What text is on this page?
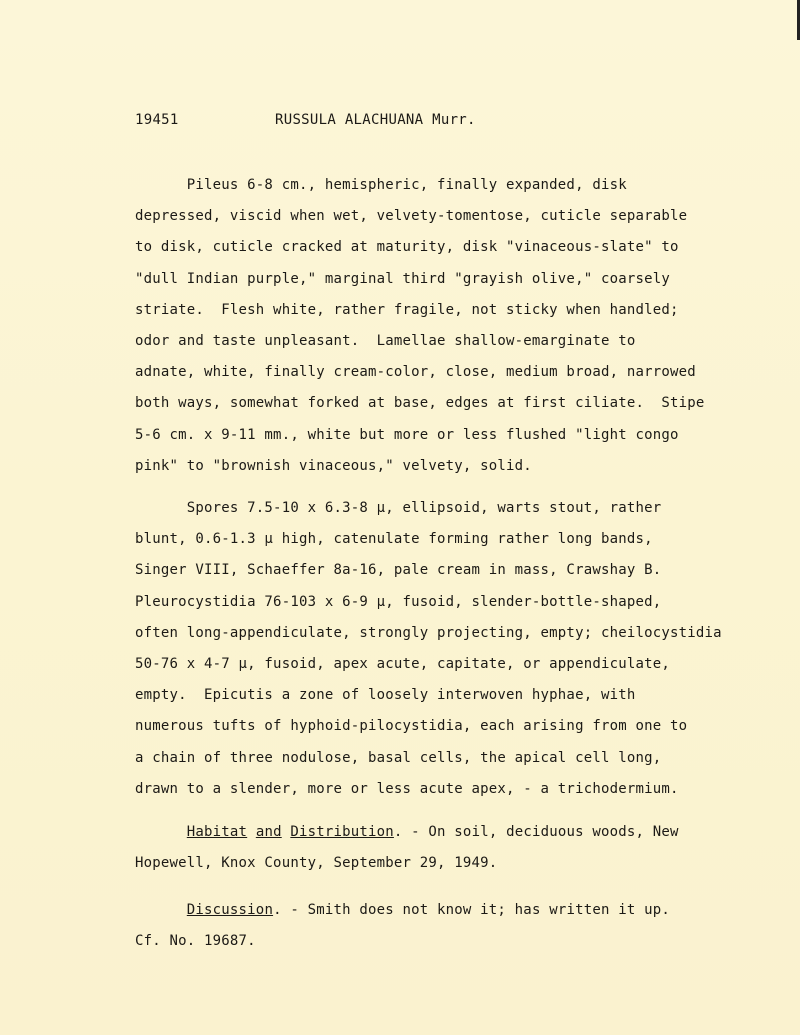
19451	RUSSULA ALACHUANA Murr.
Pileus 6-8 cm., hemispheric, finally expanded, disk
depressed, viscid when wet, velvety-tomentose, cuticle separable
to disk, cuticle cracked at maturity, disk "vinaceous-slate" to
"dull Indian purple," marginal third "grayish olive," coarsely
striate.  Flesh white, rather fragile, not sticky when handled;
odor and taste unpleasant.  Lamellae shallow-emarginate to
adnate, white, finally cream-color, close, medium broad, narrowed
both ways, somewhat forked at base, edges at first ciliate.  Stipe
5-6 cm. x 9-11 mm., white but more or less flushed "light congo
pink" to "brownish vinaceous," velvety, solid.
Spores 7.5-10 x 6.3-8 μ, ellipsoid, warts stout, rather
blunt, 0.6-1.3 μ high, catenulate forming rather long bands,
Singer VIII, Schaeffer 8a-16, pale cream in mass, Crawshay B.
Pleurocystidia 76-103 x 6-9 μ, fusoid, slender-bottle-shaped,
often long-appendiculate, strongly projecting, empty; cheilocystidia
50-76 x 4-7 μ, fusoid, apex acute, capitate, or appendiculate,
empty.  Epicutis a zone of loosely interwoven hyphae, with
numerous tufts of hyphoid-pilocystidia, each arising from one to
a chain of three nodulose, basal cells, the apical cell long,
drawn to a slender, more or less acute apex, - a trichodermium.
Habitat and Distribution. - On soil, deciduous woods, New
Hopewell, Knox County, September 29, 1949.
Discussion. - Smith does not know it; has written it up.
Cf. No. 19687.
